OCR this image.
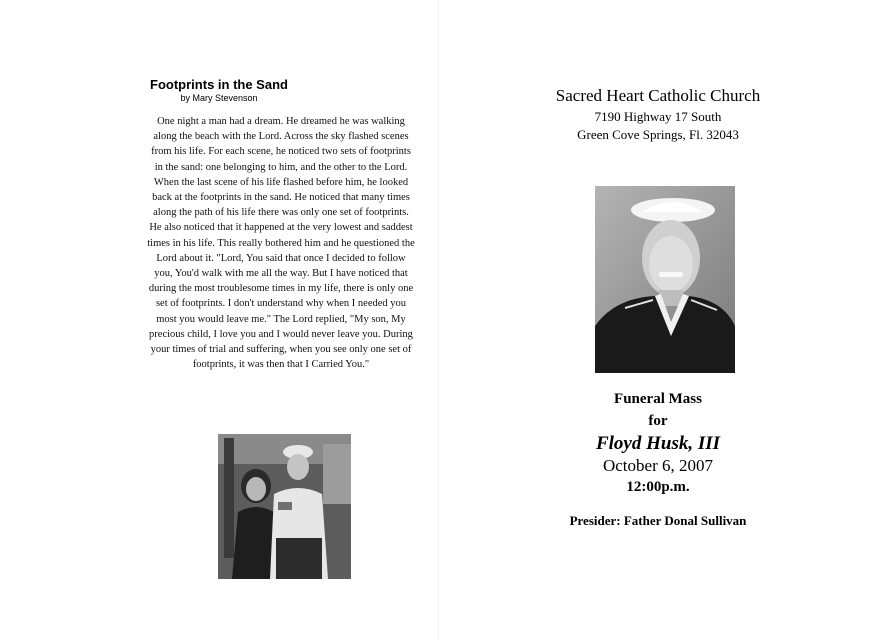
Footprints in the Sand
by Mary Stevenson

One night a man had a dream. He dreamed he was walking along the beach with the Lord. Across the sky flashed scenes from his life. For each scene, he noticed two sets of footprints in the sand: one belonging to him, and the other to the Lord. When the last scene of his life flashed before him, he looked back at the footprints in the sand. He noticed that many times along the path of his life there was only one set of footprints. He also noticed that it happened at the very lowest and saddest times in his life. This really bothered him and he questioned the Lord about it. "Lord, You said that once I decided to follow you, You'd walk with me all the way. But I have noticed that during the most troublesome times in my life, there is only one set of footprints. I don't understand why when I needed you most you would leave me." The Lord replied, "My son, My precious child, I love you and I would never leave you. During your times of trial and suffering, when you see only one set of footprints, it was then that I Carried You."

Sacred Heart Catholic Church
7190 Highway 17 South
Green Cove Springs, Fl. 32043
Funeral Mass
for
Floyd Husk, III
October 6, 2007
12:00p.m.
Presider: Father Donal Sullivan
